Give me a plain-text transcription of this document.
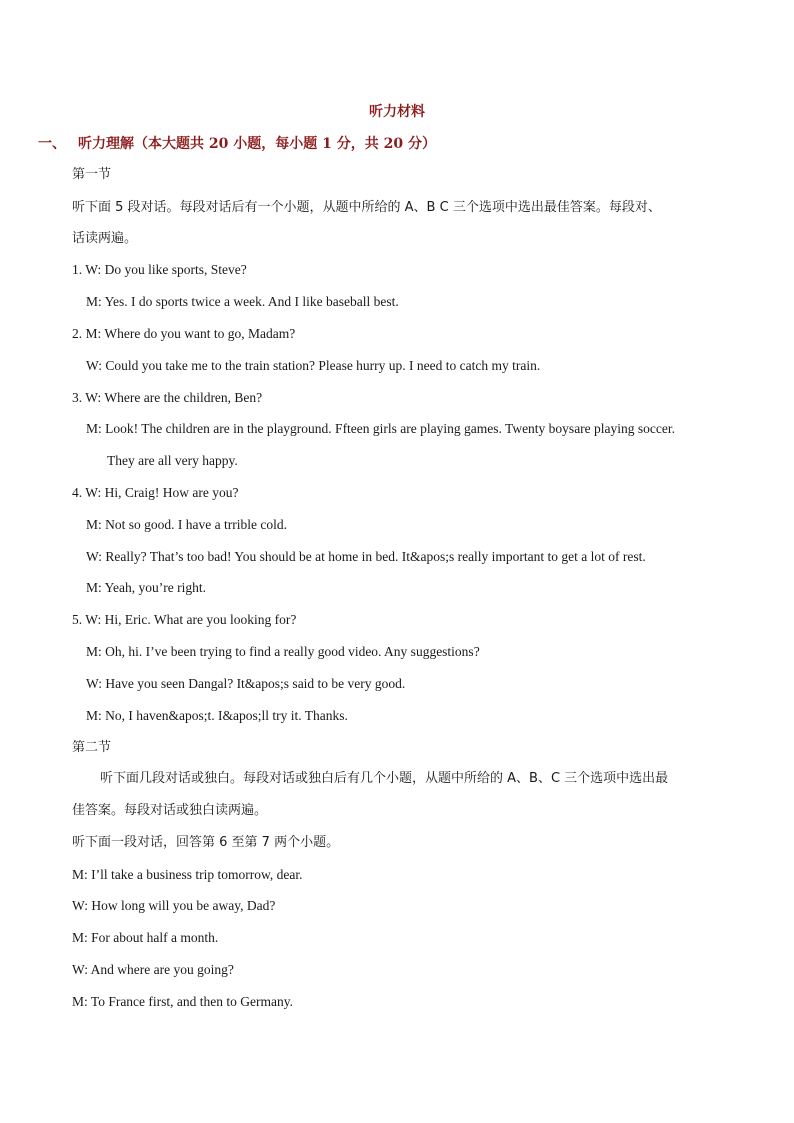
听力材料
一、 听力理解（本大题共 20 小题，每小题 1 分，共 20 分）
第一节
听下面 5 段对话。每段对话后有一个小题，从题中所给的 A、B C 三个选项中选出最佳答案。每段对、
话读两遍。
1. W: Do you like sports, Steve?
M: Yes. I do sports twice a week. And I like baseball best.
2. M: Where do you want to go, Madam?
W: Could you take me to the train station? Please hurry up. I need to catch my train.
3. W: Where are the children, Ben?
M: Look! The children are in the playground. Ffteen girls are playing games. Twenty boysare playing soccer.
They are all very happy.
4. W: Hi, Craig! How are you?
M: Not so good. I have a trrible cold.
W: Really? That’s too bad! You should be at home in bed. It&apos;s really important to get a lot of rest.
M: Yeah, you’re right.
5. W: Hi, Eric. What are you looking for?
M: Oh, hi. I’ve been trying to find a really good video. Any suggestions?
W: Have you seen Dangal? It&apos;s said to be very good.
M: No, I haven&apos;t. I&apos;ll try it. Thanks.
第二节
听下面几段对话或独白。每段对话或独白后有几个小题，从题中所给的 A、B、C 三个选项中选出最
佳答案。每段对话或独白读两遍。
听下面一段对话，回答第 6 至第 7 两个小题。
M: I’ll take a business trip tomorrow, dear.
W: How long will you be away, Dad?
M: For about half a month.
W: And where are you going?
M: To France first, and then to Germany.
